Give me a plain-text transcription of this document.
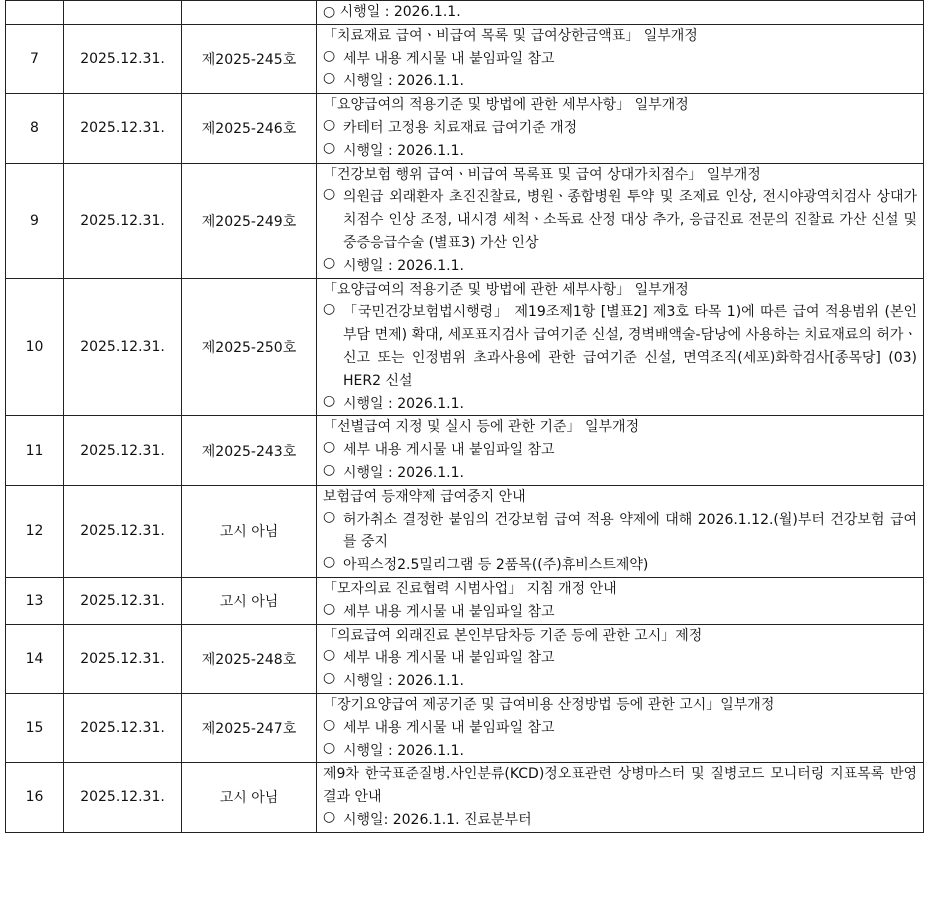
			○ 시행일 : 2026.1.1.

7	2025.12.31.	제2025-245호	「치료재료 급여ㆍ비급여 목록 및 급여상한금액표」 일부개정
○ 세부 내용 게시물 내 붙임파일 참고
○ 시행일 : 2026.1.1.

8	2025.12.31.	제2025-246호	「요양급여의 적용기준 및 방법에 관한 세부사항」 일부개정
○ 카테터 고정용 치료재료 급여기준 개정
○ 시행일 : 2026.1.1.

9	2025.12.31.	제2025-249호	「건강보험 행위 급여ㆍ비급여 목록표 및 급여 상대가치점수」 일부개정
○ 의원급 외래환자 초진진찰료, 병원ㆍ종합병원 투약 및 조제료 인상, 전시야광역치검사 상대가치점수 인상 조정, 내시경 세척ㆍ소독료 산정 대상 추가, 응급진료 전문의 진찰료 가산 신설 및 중증응급수술 (별표3) 가산 인상
○ 시행일 : 2026.1.1.

10	2025.12.31.	제2025-250호	「요양급여의 적용기준 및 방법에 관한 세부사항」 일부개정
○ 「국민건강보험법시행령」 제19조제1항 [별표2] 제3호 타목 1)에 따른 급여 적용범위 (본인부담 면제) 확대, 세포표지검사 급여기준 신설, 경벽배액술-담낭에 사용하는 치료재료의 허가ㆍ신고 또는 인정범위 초과사용에 관한 급여기준 신설, 면역조직(세포)화학검사[종목당] (03) HER2 신설
○ 시행일 : 2026.1.1.

11	2025.12.31.	제2025-243호	「선별급여 지정 및 실시 등에 관한 기준」 일부개정
○ 세부 내용 게시물 내 붙임파일 참고
○ 시행일 : 2026.1.1.

12	2025.12.31.	고시 아님	보험급여 등재약제 급여중지 안내
○ 허가취소 결정한 붙임의 건강보험 급여 적용 약제에 대해 2026.1.12.(월)부터 건강보험 급여를 중지
○ 아픽스정2.5밀리그램 등 2품목((주)휴비스트제약)

13	2025.12.31.	고시 아님	「모자의료 진료협력 시범사업」 지침 개정 안내
○ 세부 내용 게시물 내 붙임파일 참고

14	2025.12.31.	제2025-248호	「의료급여 외래진료 본인부담차등 기준 등에 관한 고시」제정
○ 세부 내용 게시물 내 붙임파일 참고
○ 시행일 : 2026.1.1.

15	2025.12.31.	제2025-247호	「장기요양급여 제공기준 및 급여비용 산정방법 등에 관한 고시」일부개정
○ 세부 내용 게시물 내 붙임파일 참고
○ 시행일 : 2026.1.1.

16	2025.12.31.	고시 아님	제9차 한국표준질병.사인분류(KCD)정오표관련 상병마스터 및 질병코드 모니터링 지표목록 반영 결과 안내
○ 시행일: 2026.1.1. 진료분부터
